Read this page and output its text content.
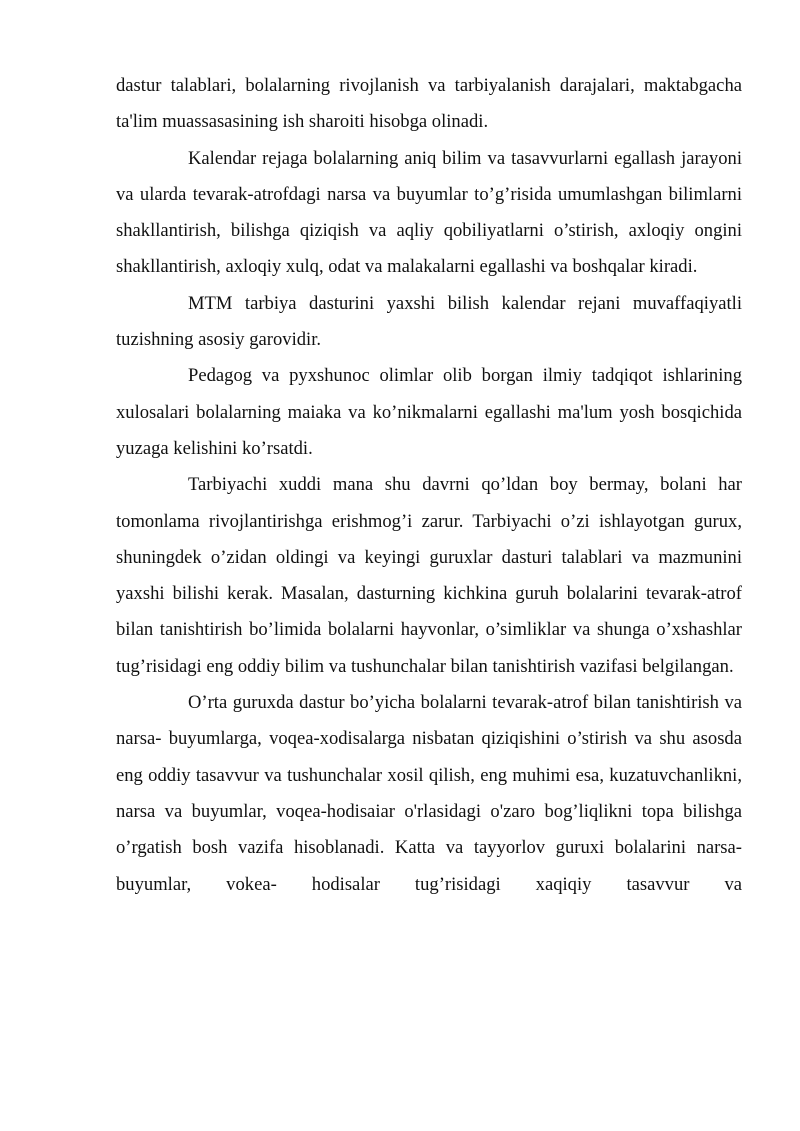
dastur talablari, bolalarning rivojlanish va tarbiyalanish darajalari, maktabgacha ta'lim muassasasining ish sharoiti hisobga olinadi.

Kalendar rejaga bolalarning aniq bilim va tasavvurlarni egallash jarayoni va ularda tevarak-atrofdagi narsa va buyumlar to’g’risida umumlashgan bilimlarni shakllantirish, bilishga qiziqish va aqliy qobiliyatlarni o’stirish, axloqiy ongini shakllantirish, axloqiy xulq, odat va malakalarni egallashi va boshqalar kiradi.

MTM tarbiya dasturini yaxshi bilish kalendar rejani muvaffaqiyatli tuzishning asosiy garovidir.

Pedagog va pyxshunoc olimlar olib borgan ilmiy tadqiqot ishlarining xulosalari bolalarning maiaka va ko’nikmalarni egallashi ma'lum yosh bosqichida yuzaga kelishini ko’rsatdi.

Tarbiyachi xuddi mana shu davrni qo’ldan boy bermay, bolani har tomonlama rivojlantirishga erishmog’i zarur. Tarbiyachi o’zi ishlayotgan gurux, shuningdek o’zidan oldingi va keyingi guruxlar dasturi talablari va mazmunini yaxshi bilishi kerak. Masalan, dasturning kichkina guruh bolalarini tevarak-atrof bilan tanishtirish bo’limida bolalarni hayvonlar, o’simliklar va shunga o’xshashlar tug’risidagi eng oddiy bilim va tushunchalar bilan tanishtirish vazifasi belgilangan.

O’rta guruxda dastur bo’yicha bolalarni tevarak-atrof bilan tanishtirish va narsa- buyumlarga, voqea-xodisalarga nisbatan qiziqishini o’stirish va shu asosda eng oddiy tasavvur va tushunchalar xosil qilish, eng muhimi esa, kuzatuvchanlikni, narsa va buyumlar, voqea-hodisaiar o'rlasidagi o'zaro bog’liqlikni topa bilishga o’rgatish bosh vazifa hisoblanadi. Katta va tayyorlov guruxi bolalarini narsa-buyumlar, vokea- hodisalar tug’risidagi xaqiqiy tasavvur va
